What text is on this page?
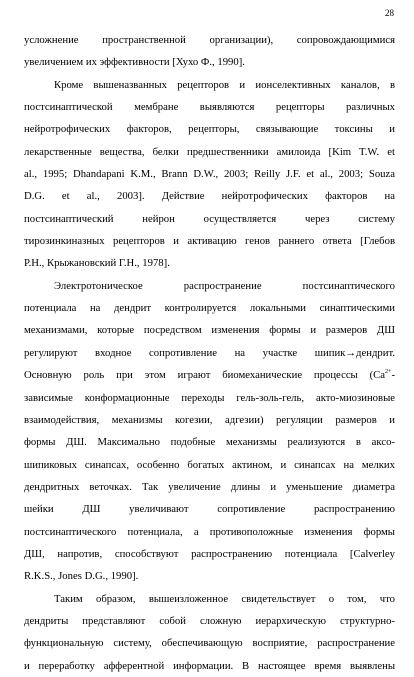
28
усложнение пространственной организации), сопровождающимися
увеличением их эффективности [Хухо Ф., 1990].
Кроме вышеназванных рецепторов и ионселективных каналов, в
постсинаптической мембране выявляются рецепторы различных
нейротрофических факторов, рецепторы, связывающие токсины и
лекарственные вещества, белки предшественники амилоида [Kim T.W. et
al., 1995; Dhandapani K.M., Brann D.W., 2003; Reilly J.F. et al., 2003; Souza
D.G. et al., 2003]. Действие нейротрофических факторов на
постсинаптический нейрон осуществляется через систему
тирозинкиназных рецепторов и активацию генов раннего ответа [Глебов
Р.Н., Крыжановский Г.Н., 1978].
Электротоническое распространение постсинаптического
потенциала на дендрит контролируется локальными синаптическими
механизмами, которые посредством изменения формы и размеров ДШ
регулируют входное сопротивление на участке шипик→дендрит.
Основную роль при этом играют биомеханические процессы ($Ca^{2+}-$
зависимые конформационные переходы гель-золь-гель, акто-миозиновые
взаимодействия, механизмы когезии, адгезии) регуляции размеров и
формы ДШ. Максимально подобные механизмы реализуются в аксо-
шипиковых синапсах, особенно богатых актином, и синапсах на мелких
дендритных веточках. Так увеличение длины и уменьшение диаметра
шейки ДШ увеличивают сопротивление распространению
постсинаптического потенциала, а противоположные изменения формы
ДШ, напротив, способствуют распространению потенциала [Calverley
R.K.S., Jones D.G., 1990].
Таким образом, вышеизложенное свидетельствует о том, что
дендриты представляют собой сложную иерархическую структурно-
функциональную систему, обеспечивающую восприятие, распространение
и переработку афферентной информации. В настоящее время выявлены
